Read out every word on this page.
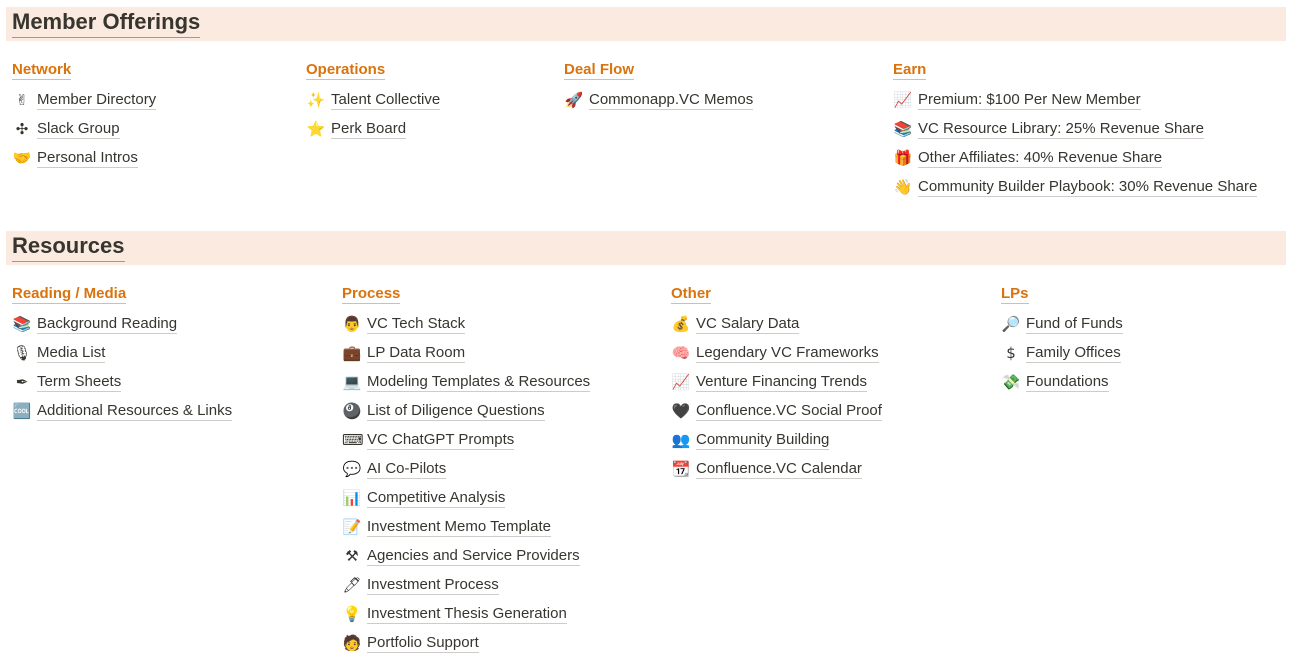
Member Offerings
Network
✌ Member Directory
✣ Slack Group
🤝 Personal Intros
Operations
✨ Talent Collective
⭐ Perk Board
Deal Flow
🚀 Commonapp.VC Memos
Earn
📈 Premium: $100 Per New Member
📚 VC Resource Library: 25% Revenue Share
🎁 Other Affiliates: 40% Revenue Share
👋 Community Builder Playbook: 30% Revenue Share
Resources
Reading / Media
📚 Background Reading
🎙 Media List
✒ Term Sheets
🆒 Additional Resources & Links
Process
👨 VC Tech Stack
💼 LP Data Room
💻 Modeling Templates & Resources
🎱 List of Diligence Questions
⌨ VC ChatGPT Prompts
💬 AI Co-Pilots
📊 Competitive Analysis
📝 Investment Memo Template
⚒ Agencies and Service Providers
🖊 Investment Process
💡 Investment Thesis Generation
🧑 Portfolio Support
Other
💰 VC Salary Data
🧠 Legendary VC Frameworks
📈 Venture Financing Trends
🖤 Confluence.VC Social Proof
👥 Community Building
📆 Confluence.VC Calendar
LPs
🔎 Fund of Funds
$ Family Offices
💸 Foundations
